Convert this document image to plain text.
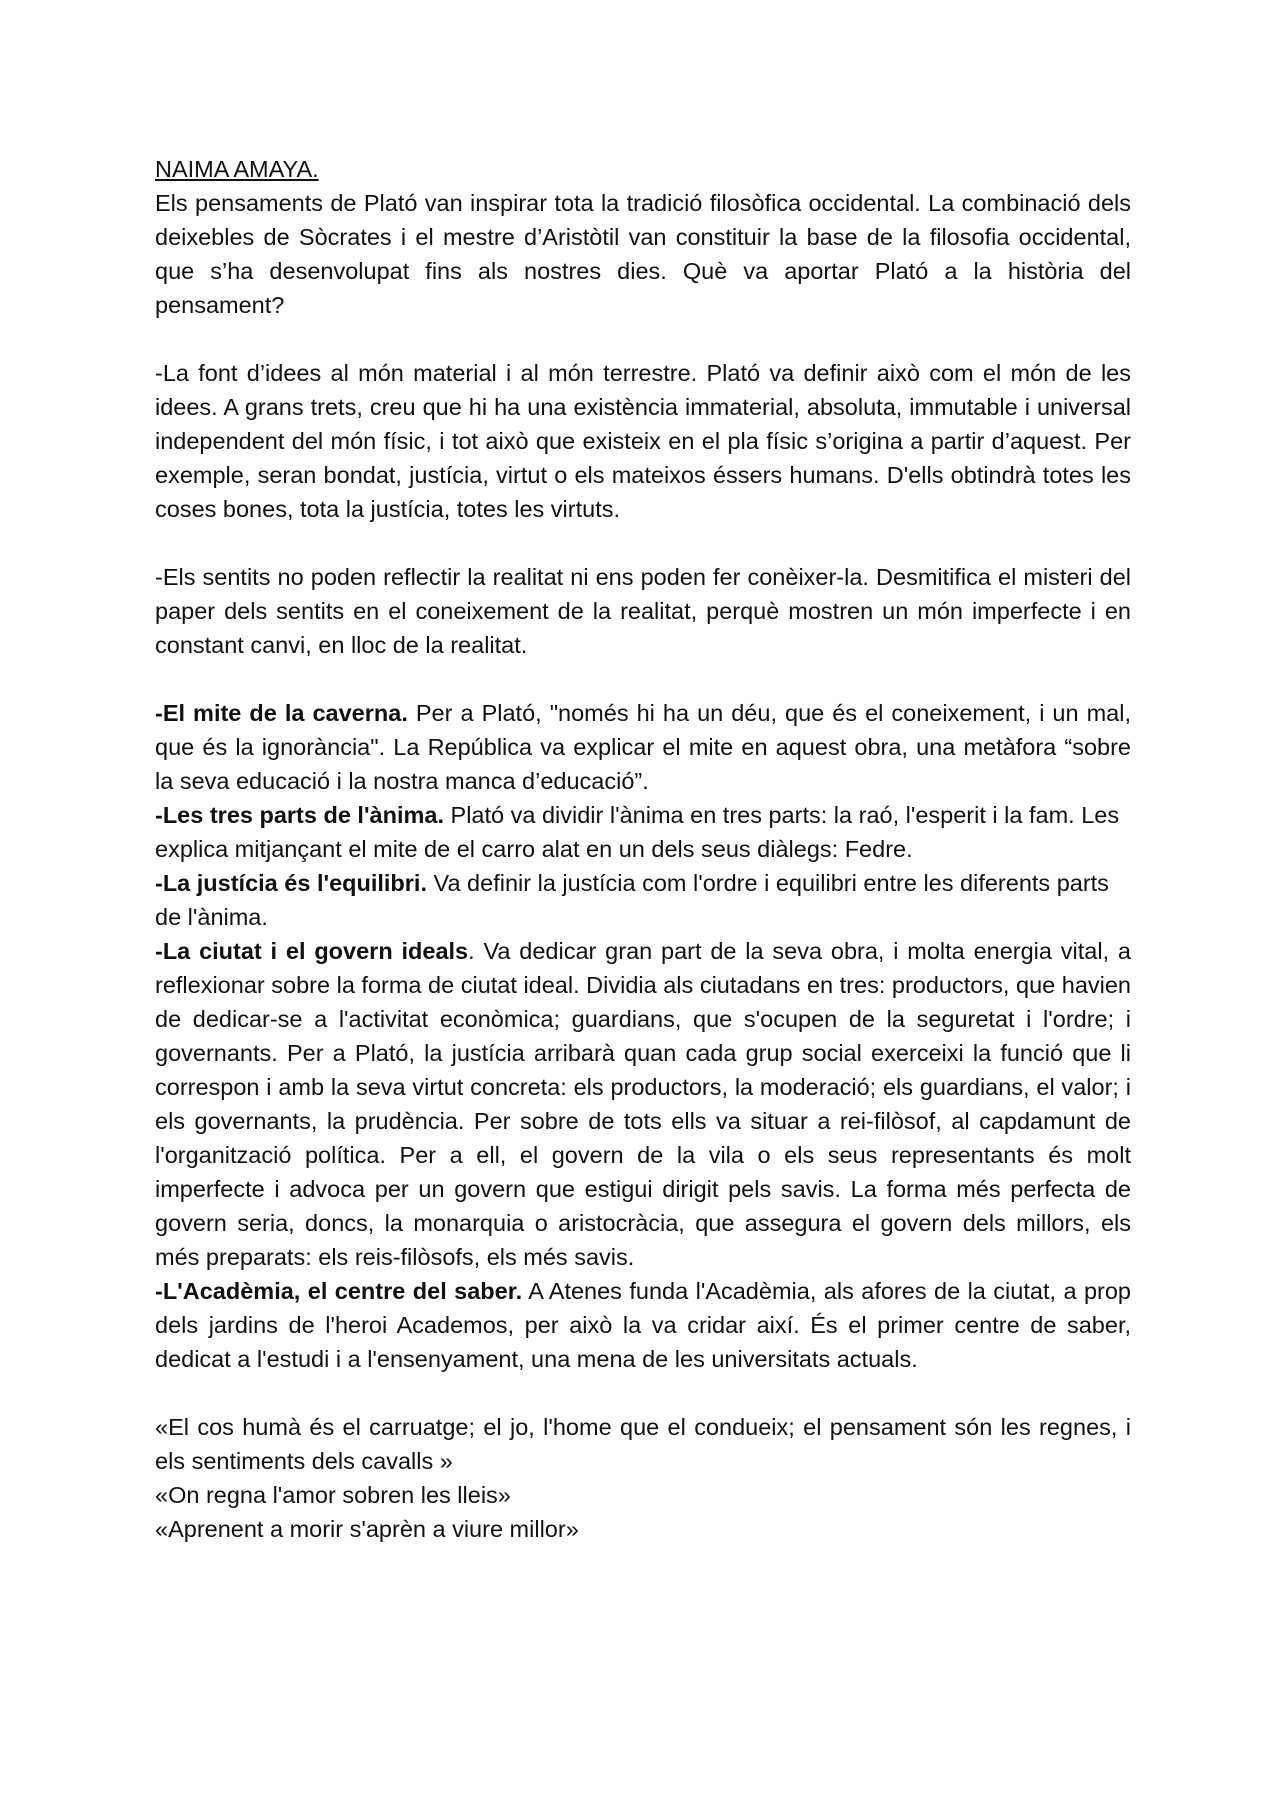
NAIMA AMAYA.

Els pensaments de Plató van inspirar tota la tradició filosòfica occidental. La combinació dels deixebles de Sòcrates i el mestre d’Aristòtil van constituir la base de la filosofia occidental, que s’ha desenvolupat fins als nostres dies. Què va aportar Plató a la història del pensament?

-La font d’idees al món material i al món terrestre. Plató va definir això com el món de les idees. A grans trets, creu que hi ha una existència immaterial, absoluta, immutable i universal independent del món físic, i tot això que existeix en el pla físic s’origina a partir d’aquest. Per exemple, seran bondat, justícia, virtut o els mateixos éssers humans. D'ells obtindrà totes les coses bones, tota la justícia, totes les virtuts.

-Els sentits no poden reflectir la realitat ni ens poden fer conèixer-la. Desmitifica el misteri del paper dels sentits en el coneixement de la realitat, perquè mostren un món imperfecte i en constant canvi, en lloc de la realitat.

-El mite de la caverna. Per a Plató, "només hi ha un déu, que és el coneixement, i un mal, que és la ignorància". La República va explicar el mite en aquest obra, una metàfora “sobre la seva educació i la nostra manca d’educació”.

-Les tres parts de l'ànima. Plató va dividir l'ànima en tres parts: la raó, l'esperit i la fam. Les explica mitjançant el mite de el carro alat en un dels seus diàlegs: Fedre.

-La justícia és l'equilibri. Va definir la justícia com l'ordre i equilibri entre les diferents parts de l'ànima.

-La ciutat i el govern ideals. Va dedicar gran part de la seva obra, i molta energia vital, a reflexionar sobre la forma de ciutat ideal. Dividia als ciutadans en tres: productors, que havien de dedicar-se a l'activitat econòmica; guardians, que s'ocupen de la seguretat i l'ordre; i governants. Per a Plató, la justícia arribarà quan cada grup social exerceixi la funció que li correspon i amb la seva virtut concreta: els productors, la moderació; els guardians, el valor; i els governants, la prudència. Per sobre de tots ells va situar a rei-filòsof, al capdamunt de l'organització política. Per a ell, el govern de la vila o els seus representants és molt imperfecte i advoca per un govern que estigui dirigit pels savis. La forma més perfecta de govern seria, doncs, la monarquia o aristocràcia, que assegura el govern dels millors, els més preparats: els reis-filòsofs, els més savis.

-L'Acadèmia, el centre del saber. A Atenes funda l'Acadèmia, als afores de la ciutat, a prop dels jardins de l'heroi Academos, per això la va cridar així. És el primer centre de saber, dedicat a l'estudi i a l'ensenyament, una mena de les universitats actuals.

«El cos humà és el carruatge; el jo, l'home que el condueix; el pensament són les regnes, i els sentiments dels cavalls »

«On regna l'amor sobren les lleis»

«Aprenent a morir s'aprèn a viure millor»
